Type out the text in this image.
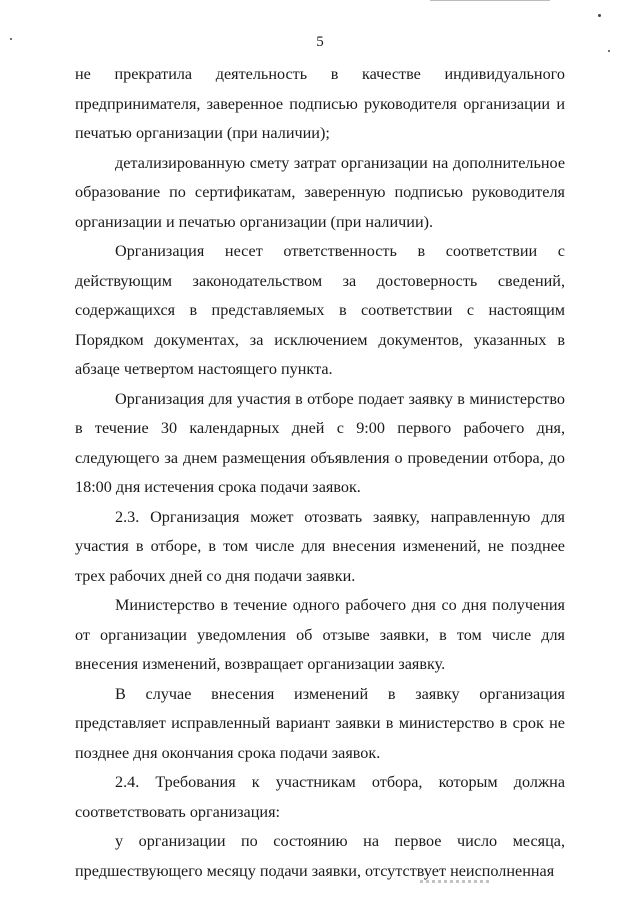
5

не прекратила деятельность в качестве индивидуального предпринимателя, заверенное подписью руководителя организации и печатью организации (при наличии);

детализированную смету затрат организации на дополнительное образование по сертификатам, заверенную подписью руководителя организации и печатью организации (при наличии).

Организация несет ответственность в соответствии с действующим законодательством за достоверность сведений, содержащихся в представляемых в соответствии с настоящим Порядком документах, за исключением документов, указанных в абзаце четвертом настоящего пункта.

Организация для участия в отборе подает заявку в министерство в течение 30 календарных дней с 9:00 первого рабочего дня, следующего за днем размещения объявления о проведении отбора, до 18:00 дня истечения срока подачи заявок.

2.3. Организация может отозвать заявку, направленную для участия в отборе, в том числе для внесения изменений, не позднее трех рабочих дней со дня подачи заявки.

Министерство в течение одного рабочего дня со дня получения от организации уведомления об отзыве заявки, в том числе для внесения изменений, возвращает организации заявку.

В случае внесения изменений в заявку организация представляет исправленный вариант заявки в министерство в срок не позднее дня окончания срока подачи заявок.

2.4. Требования к участникам отбора, которым должна соответствовать организация:

у организации по состоянию на первое число месяца, предшествующего месяцу подачи заявки, отсутствует неисполненная
